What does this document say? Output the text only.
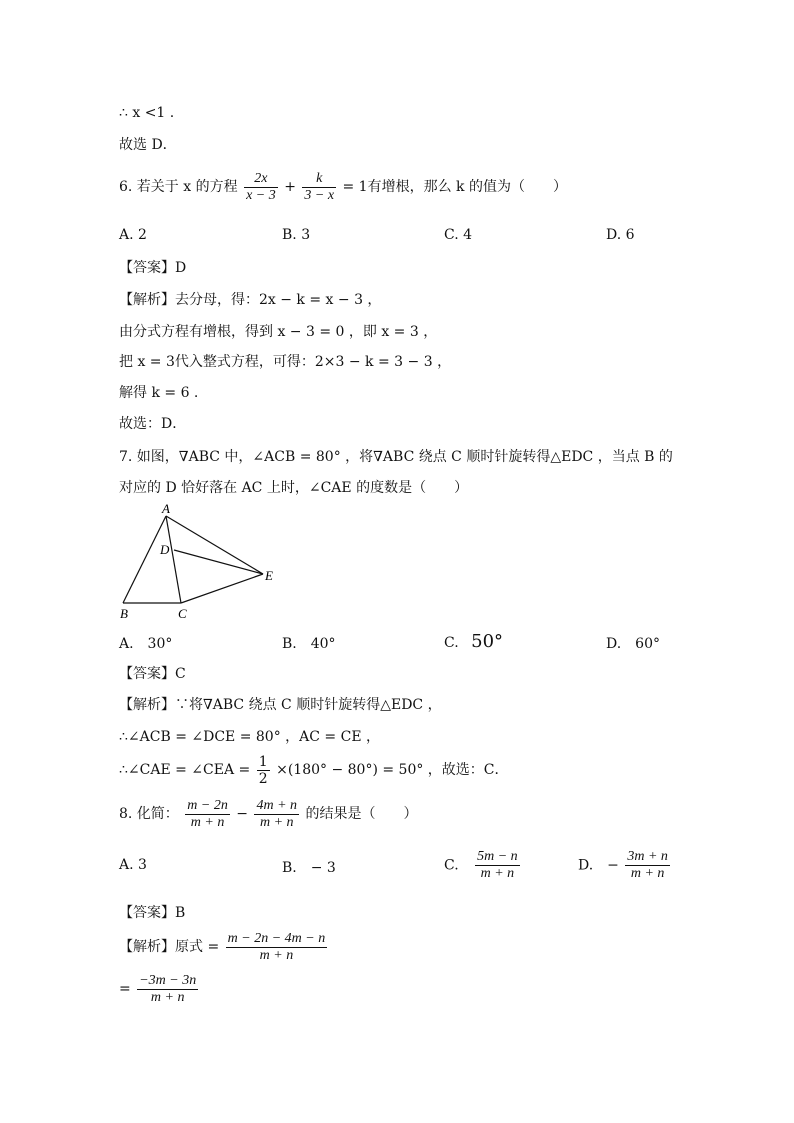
∴ x <1 .
故选 D．
6. 若关于 x 的方程 $\frac{2x}{x - 3} + \frac{k}{3 - x} = 1$有增根，那么 k 的值为（　　）
A. 2	B. 3	C. 4	D. 6
【答案】D
【解析】去分母，得：2x − k = x − 3 ，
由分式方程有增根，得到 x − 3 = 0 ，即 x = 3 ，
把 x = 3代入整式方程，可得：2×3 − k = 3 − 3 ，
解得 k = 6 .
故选：D．
7. 如图，∇ABC 中，∠ACB = 80° ，将∇ABC 绕点 C 顺时针旋转得△EDC ，当点 B 的
对应的 D 恰好落在 AC 上时，∠CAE 的度数是（　　）
A
B	C
D
E
A.　30°	B.　40°	C. 50°	D.　60°
【答案】C
【解析】∵将∇ABC 绕点 C 顺时针旋转得△EDC ，
∴∠ACB = ∠DCE = 80° ，AC = CE ，
∴∠CAE = ∠CEA = $\frac{1}{2} \times(180^\circ - 80^\circ) = 50^\circ$ ，故选：C．
8. 化简： $\frac{m - 2n}{m + n} - \frac{4m + n}{m + n}$ 的结果是（　　）
A. 3	B.　− 3	C. $\frac{5m - n}{m + n}$	D.　− $\frac{3m + n}{m + n}$
【答案】B
【解析】原式 = $\frac{m - 2n - 4m - n}{m + n}$
= $\frac{-3m - 3n}{m + n}$
